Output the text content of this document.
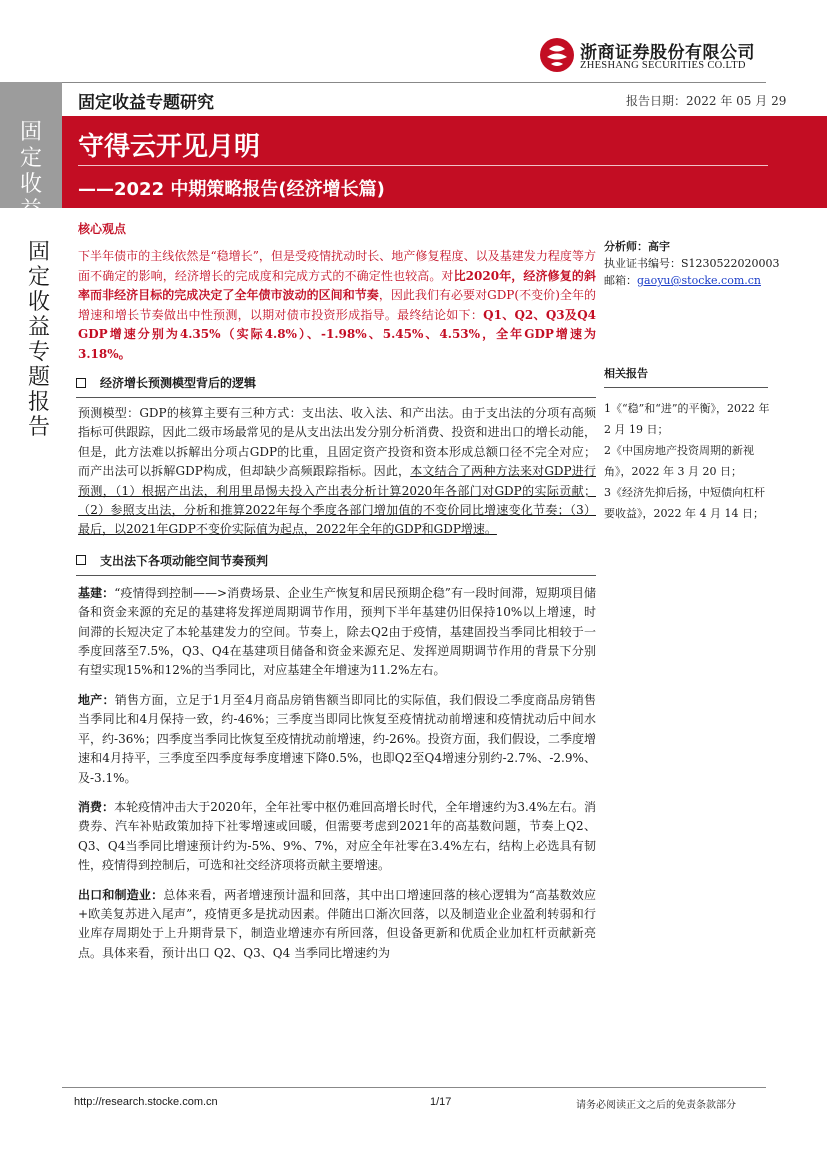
浙商证券股份有限公司
ZHESHANG SECURITIES CO.LTD
固定收益
固定收益专题研究	报告日期：2022 年 05 月 29
守得云开见月明
——2022 中期策略报告(经济增长篇)
固定收益专题报告
核心观点
下半年债市的主线依然是“稳增长”，但是受疫情扰动时长、地产修复程度、以及基建发力程度等方面不确定的影响，经济增长的完成度和完成方式的不确定性也较高。对比2020年，经济修复的斜率而非经济目标的完成决定了全年债市波动的区间和节奏，因此我们有必要对GDP(不变价)全年的增速和增长节奏做出中性预测，以期对债市投资形成指导。最终结论如下：Q1、Q2、Q3及Q4 GDP增速分别为4.35%（实际4.8%）、-1.98%、5.45%、4.53%，全年GDP增速为3.18%。
经济增长预测模型背后的逻辑
预测模型：GDP的核算主要有三种方式：支出法、收入法、和产出法。由于支出法的分项有高频指标可供跟踪，因此二级市场最常见的是从支出法出发分别分析消费、投资和进出口的增长动能，但是，此方法难以拆解出分项占GDP的比重，且固定资产投资和资本形成总额口径不完全对应；而产出法可以拆解GDP构成，但却缺少高频跟踪指标。因此，本文结合了两种方法来对GDP进行预测，（1）根据产出法，利用里昂惕夫投入产出表分析计算2020年各部门对GDP的实际贡献；（2）参照支出法，分析和推算2022年每个季度各部门增加值的不变价同比增速变化节奏；（3）最后，以2021年GDP不变价实际值为起点，2022年全年的GDP和GDP增速。
支出法下各项动能空间节奏预判
基建：“疫情得到控制——>消费场景、企业生产恢复和居民预期企稳”有一段时间滞，短期项目储备和资金来源的充足的基建将发挥逆周期调节作用，预判下半年基建仍旧保持10%以上增速，时间滞的长短决定了本轮基建发力的空间。节奏上，除去Q2由于疫情，基建固投当季同比相较于一季度回落至7.5%，Q3、Q4在基建项目储备和资金来源充足、发挥逆周期调节作用的背景下分别有望实现15%和12%的当季同比，对应基建全年增速为11.2%左右。
地产：销售方面，立足于1月至4月商品房销售额当即同比的实际值，我们假设二季度商品房销售当季同比和4月保持一致，约-46%；三季度当即同比恢复至疫情扰动前增速和疫情扰动后中间水平，约-36%；四季度当季同比恢复至疫情扰动前增速，约-26%。投资方面，我们假设，二季度增速和4月持平，三季度至四季度每季度增速下降0.5%，也即Q2至Q4增速分别约-2.7%、-2.9%、及-3.1%。
消费：本轮疫情冲击大于2020年，全年社零中枢仍难回高增长时代，全年增速约为3.4%左右。消费券、汽车补贴政策加持下社零增速或回暖，但需要考虑到2021年的高基数问题，节奏上Q2、Q3、Q4当季同比增速预计约为-5%、9%、7%，对应全年社零在3.4%左右，结构上必选具有韧性，疫情得到控制后，可选和社交经济项将贡献主要增速。
出口和制造业：总体来看，两者增速预计温和回落，其中出口增速回落的核心逻辑为“高基数效应+欧美复苏进入尾声”，疫情更多是扰动因素。伴随出口渐次回落，以及制造业企业盈利转弱和行业库存周期处于上升期背景下，制造业增速亦有所回落，但设备更新和优质企业加杠杆贡献新亮点。具体来看，预计出口 Q2、Q3、Q4 当季同比增速约为
分析师：高宇
执业证书编号：S1230522020003
邮箱：gaoyu@stocke.com.cn
相关报告
1《“稳”和“进”的平衡》，2022 年 2 月 19 日；
2《中国房地产投资周期的新视角》，2022 年 3 月 20 日；
3《经济先抑后扬，中短债向杠杆要收益》，2022 年 4 月 14 日；
http://research.stocke.com.cn	1/17	请务必阅读正文之后的免责条款部分
